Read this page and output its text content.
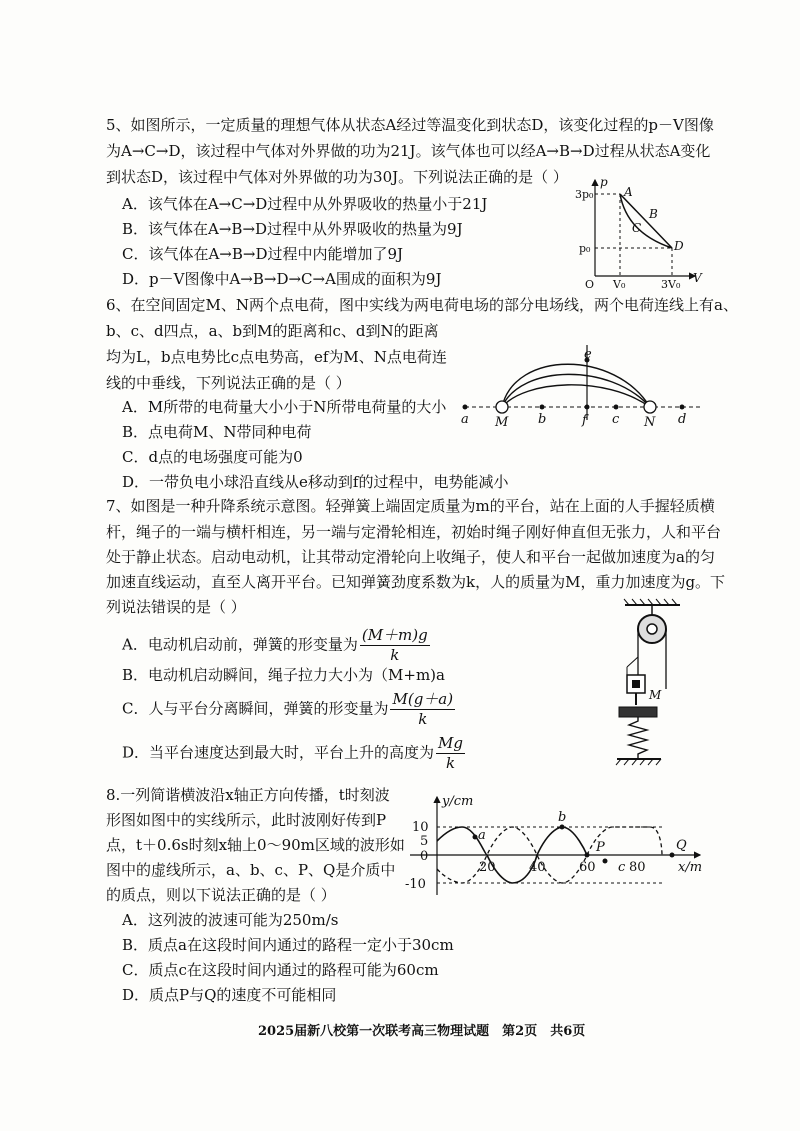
5、如图所示，一定质量的理想气体从状态A经过等温变化到状态D，该变化过程的p－V图像
为A→C→D，该过程中气体对外界做的功为21J。该气体也可以经A→B→D过程从状态A变化
到状态D，该过程中气体对外界做的功为30J。下列说法正确的是（ ）
A．该气体在A→C→D过程中从外界吸收的热量小于21J
B．该气体在A→B→D过程中从外界吸收的热量为9J
C．该气体在A→B→D过程中内能增加了9J
D．p－V图像中A→B→D→C→A围成的面积为9J
p
3p₀
p₀
O V₀	3V₀ V
A
B
C
D
6、在空间固定M、N两个点电荷，图中实线为两电荷电场的部分电场线，两个电荷连线上有a、
b、c、d四点，a、b到M的距离和c、d到N的距离
均为L，b点电势比c点电势高，ef为M、N点电荷连
线的中垂线，下列说法正确的是（ ）
A．M所带的电荷量大小小于N所带电荷量的大小
B．点电荷M、N带同种电荷
C．d点的电场强度可能为0
D．一带负电小球沿直线从e移动到f的过程中，电势能减小
e
a M b	f c N d
7、如图是一种升降系统示意图。轻弹簧上端固定质量为m的平台，站在上面的人手握轻质横
杆，绳子的一端与横杆相连，另一端与定滑轮相连，初始时绳子刚好伸直但无张力，人和平台
处于静止状态。启动电动机，让其带动定滑轮向上收绳子，使人和平台一起做加速度为a的匀
加速直线运动，直至人离开平台。已知弹簧劲度系数为k，人的质量为M，重力加速度为g。下
列说法错误的是（ ）
A．电动机启动前，弹簧的形变量为 $\frac{(M+m)g}{k}$
B．电动机启动瞬间，绳子拉力大小为（M+m)a
C．人与平台分离瞬间，弹簧的形变量为 $\frac{M(g+a)}{k}$
D．当平台速度达到最大时，平台上升的高度为 $\frac{Mg}{k}$
M
8.一列简谐横波沿x轴正方向传播，t时刻波
形图如图中的实线所示，此时波刚好传到P
点，t＋0.6s时刻x轴上0～90m区域的波形如
图中的虚线所示，a、b、c、P、Q是介质中
的质点，则以下说法正确的是（ ）
A．这列波的波速可能为250m/s
B．质点a在这段时间内通过的路程一定小于30cm
C．质点c在这段时间内通过的路程可能为60cm
D．质点P与Q的速度不可能相同
y/cm
x/m
10
5
0
-10
20	40	60	80
a
b
P
c
Q
2025届新八校第一次联考高三物理试题　第2页　共6页
